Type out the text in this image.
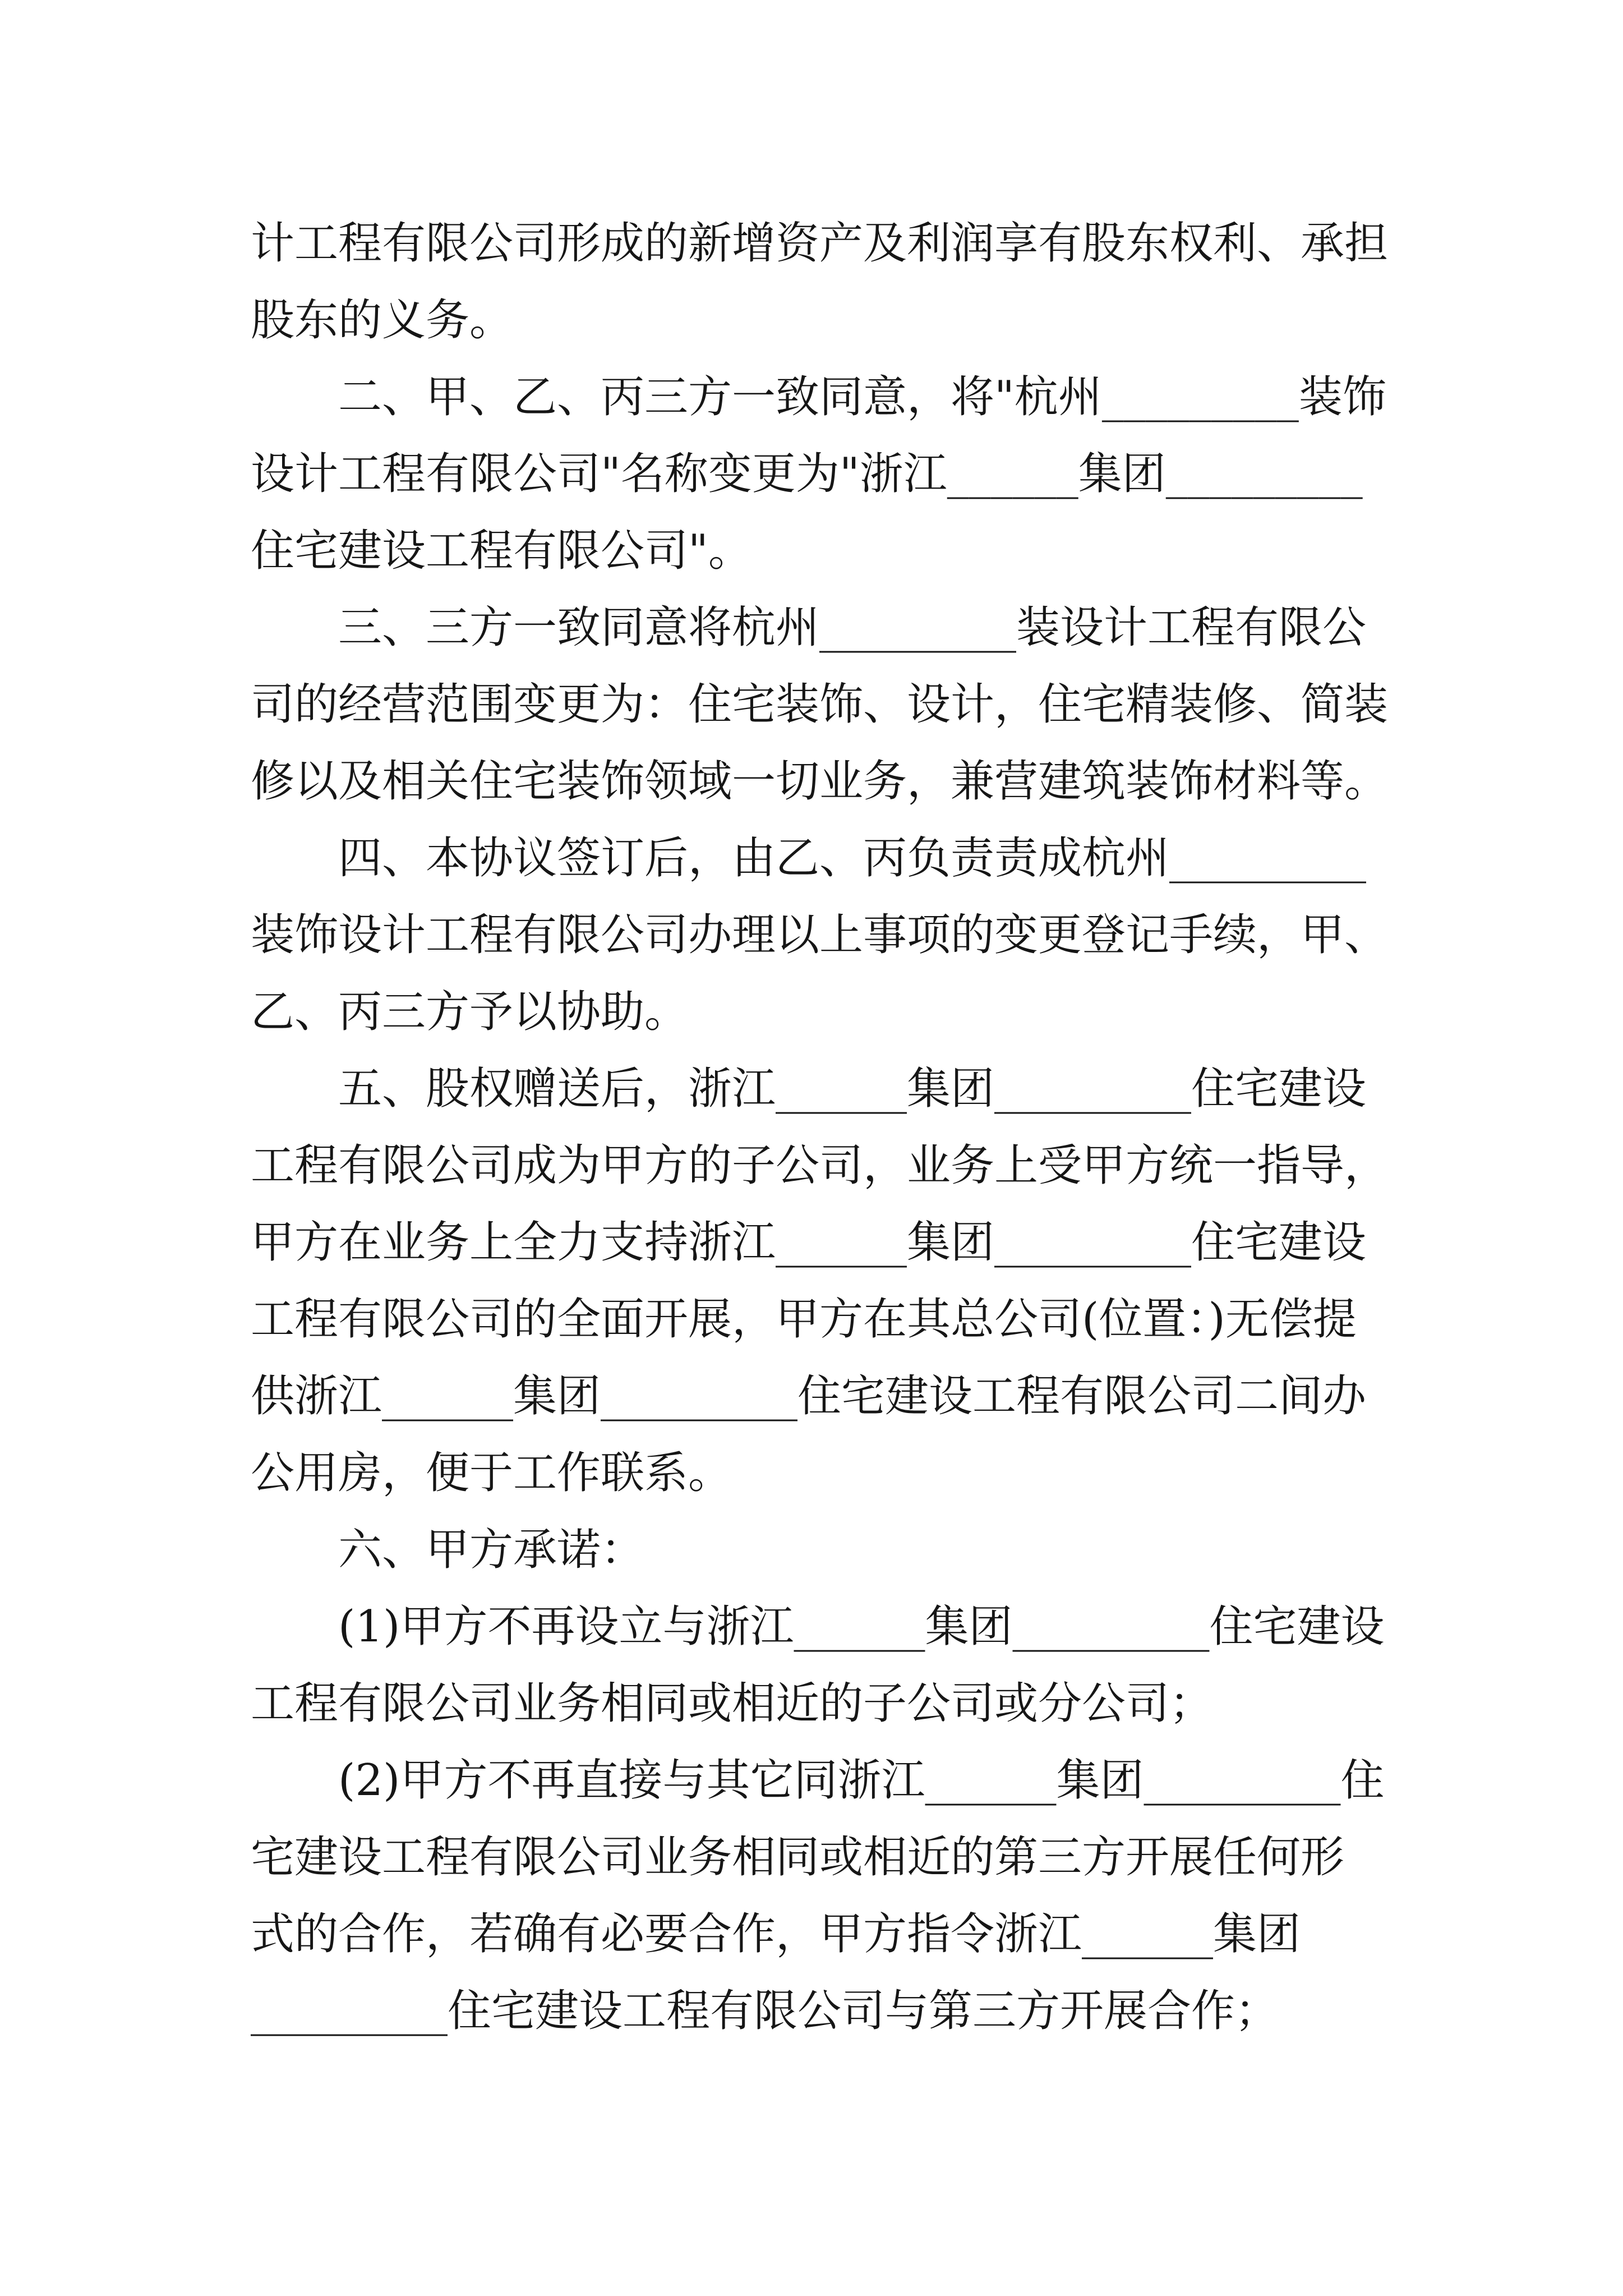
计工程有限公司形成的新增资产及利润享有股东权利、承担
股东的义务。
二、甲、乙、丙三方一致同意，将"杭州_________装饰
设计工程有限公司"名称变更为"浙江______集团_________
住宅建设工程有限公司"。
三、三方一致同意将杭州_________装设计工程有限公
司的经营范围变更为：住宅装饰、设计，住宅精装修、简装
修以及相关住宅装饰领域一切业务，兼营建筑装饰材料等。
四、本协议签订后，由乙、丙负责责成杭州_________
装饰设计工程有限公司办理以上事项的变更登记手续，甲、
乙、丙三方予以协助。
五、股权赠送后，浙江______集团_________住宅建设
工程有限公司成为甲方的子公司，业务上受甲方统一指导，
甲方在业务上全力支持浙江______集团_________住宅建设
工程有限公司的全面开展，甲方在其总公司(位置：)无偿提
供浙江______集团_________住宅建设工程有限公司二间办
公用房，便于工作联系。
六、甲方承诺：
(1)甲方不再设立与浙江______集团_________住宅建设
工程有限公司业务相同或相近的子公司或分公司；
(2)甲方不再直接与其它同浙江______集团_________住
宅建设工程有限公司业务相同或相近的第三方开展任何形
式的合作，若确有必要合作，甲方指令浙江______集团
_________住宅建设工程有限公司与第三方开展合作；
